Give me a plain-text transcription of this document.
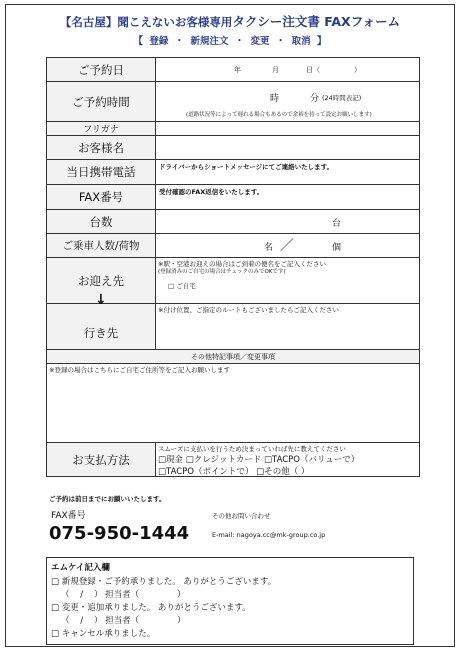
【名古屋】聞こえないお客様専用タクシー注文書 FAXフォーム
【 登録 ・ 新規注文 ・ 変更 ・ 取消 】
ご予約日	年 月 日（ ）

ご予約時間	時 分 (24時間表記)
(道路状況等によって遅れる場合もあるので余裕を持って設定お願いします)

フリガナ	
お客様名	
当日携帯電話	ドライバーからショートメッセージにてご連絡いたします。

FAX番号	受付確認のFAX返信をいたします。

台数	台

ご乗車人数/荷物	名 ／ 個

お迎え先	※駅・空港お迎えの場合はご到着の便名をご記入ください
(登録済みのご自宅の場合はチェックのみでOKです)
□ ご自宅

↓
行き先	※付け位置、ご指定のルートもございましたらご記入ください

その他特記事項／変更事項	

※登録の場合はこちらにご自宅ご住所等をご記入お願いします	

お支払方法	スムーズに支払いを行うため決まっていれば先に教えてください
□現金 □クレジットカード □TACPO（バリューで）
□TACPO（ポイントで） □その他（ ）
ご予約は前日までにお願いいたします。
FAX番号
075-950-1444
その他お問い合わせ
E-mail: nagoya.cc@mk-group.co.jp
エムケイ記入欄
□ 新規登録・ご予約承りました。 ありがとうございます。
（    /    ） 担当者（              ）
□ 変更・追加承りました。 ありがとうございます。
（    /    ） 担当者（              ）
□ キャンセル承りました。
